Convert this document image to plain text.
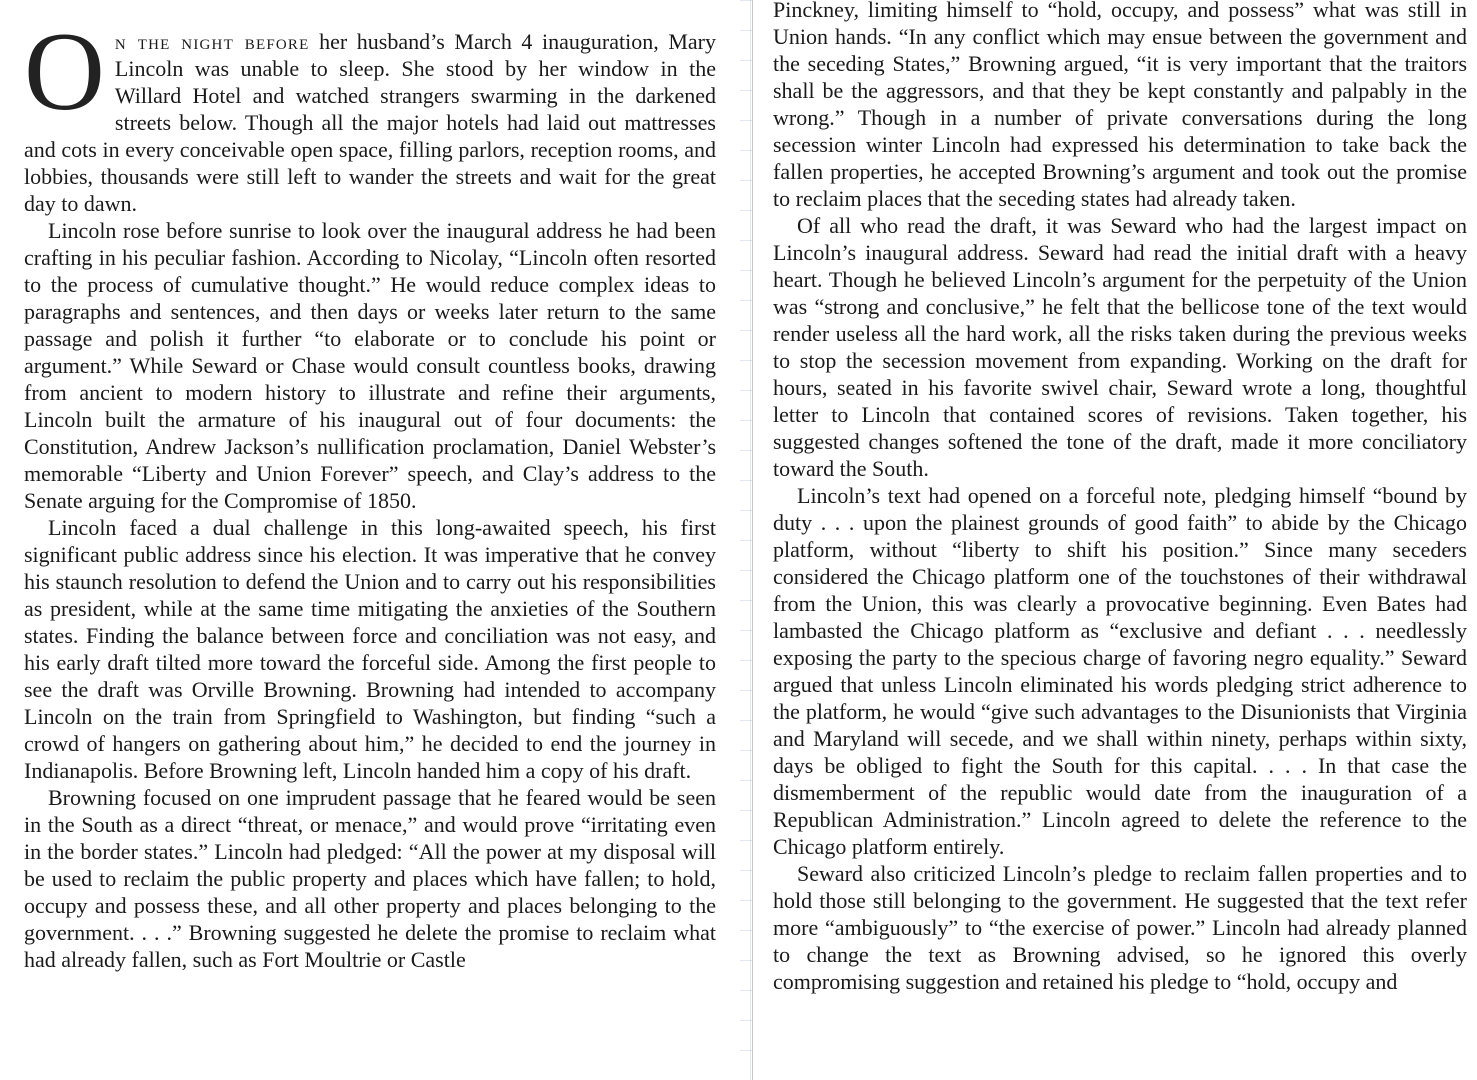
On the night before her husband’s March 4 inauguration, Mary Lincoln was unable to sleep. She stood by her window in the Willard Hotel and watched strangers swarming in the darkened streets below. Though all the major hotels had laid out mattresses and cots in every conceivable open space, filling parlors, reception rooms, and lobbies, thousands were still left to wander the streets and wait for the great day to dawn.

Lincoln rose before sunrise to look over the inaugural address he had been crafting in his peculiar fashion. According to Nicolay, “Lincoln often resorted to the process of cumulative thought.” He would reduce complex ideas to paragraphs and sentences, and then days or weeks later return to the same passage and polish it further “to elaborate or to conclude his point or argument.” While Seward or Chase would consult countless books, drawing from ancient to modern history to illustrate and refine their arguments, Lincoln built the armature of his inaugural out of four documents: the Constitution, Andrew Jackson’s nullification proclamation, Daniel Webster’s memorable “Liberty and Union Forever” speech, and Clay’s address to the Senate arguing for the Compromise of 1850.

Lincoln faced a dual challenge in this long-awaited speech, his first significant public address since his election. It was imperative that he convey his staunch resolution to defend the Union and to carry out his responsibilities as president, while at the same time mitigating the anxieties of the Southern states. Finding the balance between force and conciliation was not easy, and his early draft tilted more toward the forceful side. Among the first people to see the draft was Orville Browning. Browning had intended to accompany Lincoln on the train from Springfield to Washington, but finding “such a crowd of hangers on gathering about him,” he decided to end the journey in Indianapolis. Before Browning left, Lincoln handed him a copy of his draft.

Browning focused on one imprudent passage that he feared would be seen in the South as a direct “threat, or menace,” and would prove “irritating even in the border states.” Lincoln had pledged: “All the power at my disposal will be used to reclaim the public property and places which have fallen; to hold, occupy and possess these, and all other property and places belonging to the government. . . .” Browning suggested he delete the promise to reclaim what had already fallen, such as Fort Moultrie or Castle

Pinckney, limiting himself to “hold, occupy, and possess” what was still in Union hands. “In any conflict which may ensue between the government and the seceding States,” Browning argued, “it is very important that the traitors shall be the aggressors, and that they be kept constantly and palpably in the wrong.” Though in a number of private conversations during the long secession winter Lincoln had expressed his determination to take back the fallen properties, he accepted Browning’s argument and took out the promise to reclaim places that the seceding states had already taken.

Of all who read the draft, it was Seward who had the largest impact on Lincoln’s inaugural address. Seward had read the initial draft with a heavy heart. Though he believed Lincoln’s argument for the perpetuity of the Union was “strong and conclusive,” he felt that the bellicose tone of the text would render useless all the hard work, all the risks taken during the previous weeks to stop the secession movement from expanding. Working on the draft for hours, seated in his favorite swivel chair, Seward wrote a long, thoughtful letter to Lincoln that contained scores of revisions. Taken together, his suggested changes softened the tone of the draft, made it more conciliatory toward the South.

Lincoln’s text had opened on a forceful note, pledging himself “bound by duty . . . upon the plainest grounds of good faith” to abide by the Chicago platform, without “liberty to shift his position.” Since many seceders considered the Chicago platform one of the touchstones of their withdrawal from the Union, this was clearly a provocative beginning. Even Bates had lambasted the Chicago platform as “exclusive and defiant . . . needlessly exposing the party to the specious charge of favoring negro equality.” Seward argued that unless Lincoln eliminated his words pledging strict adherence to the platform, he would “give such advantages to the Disunionists that Virginia and Maryland will secede, and we shall within ninety, perhaps within sixty, days be obliged to fight the South for this capital. . . . In that case the dismemberment of the republic would date from the inauguration of a Republican Administration.” Lincoln agreed to delete the reference to the Chicago platform entirely.

Seward also criticized Lincoln’s pledge to reclaim fallen properties and to hold those still belonging to the government. He suggested that the text refer more “ambiguously” to “the exercise of power.” Lincoln had already planned to change the text as Browning advised, so he ignored this overly compromising suggestion and retained his pledge to “hold, occupy and
